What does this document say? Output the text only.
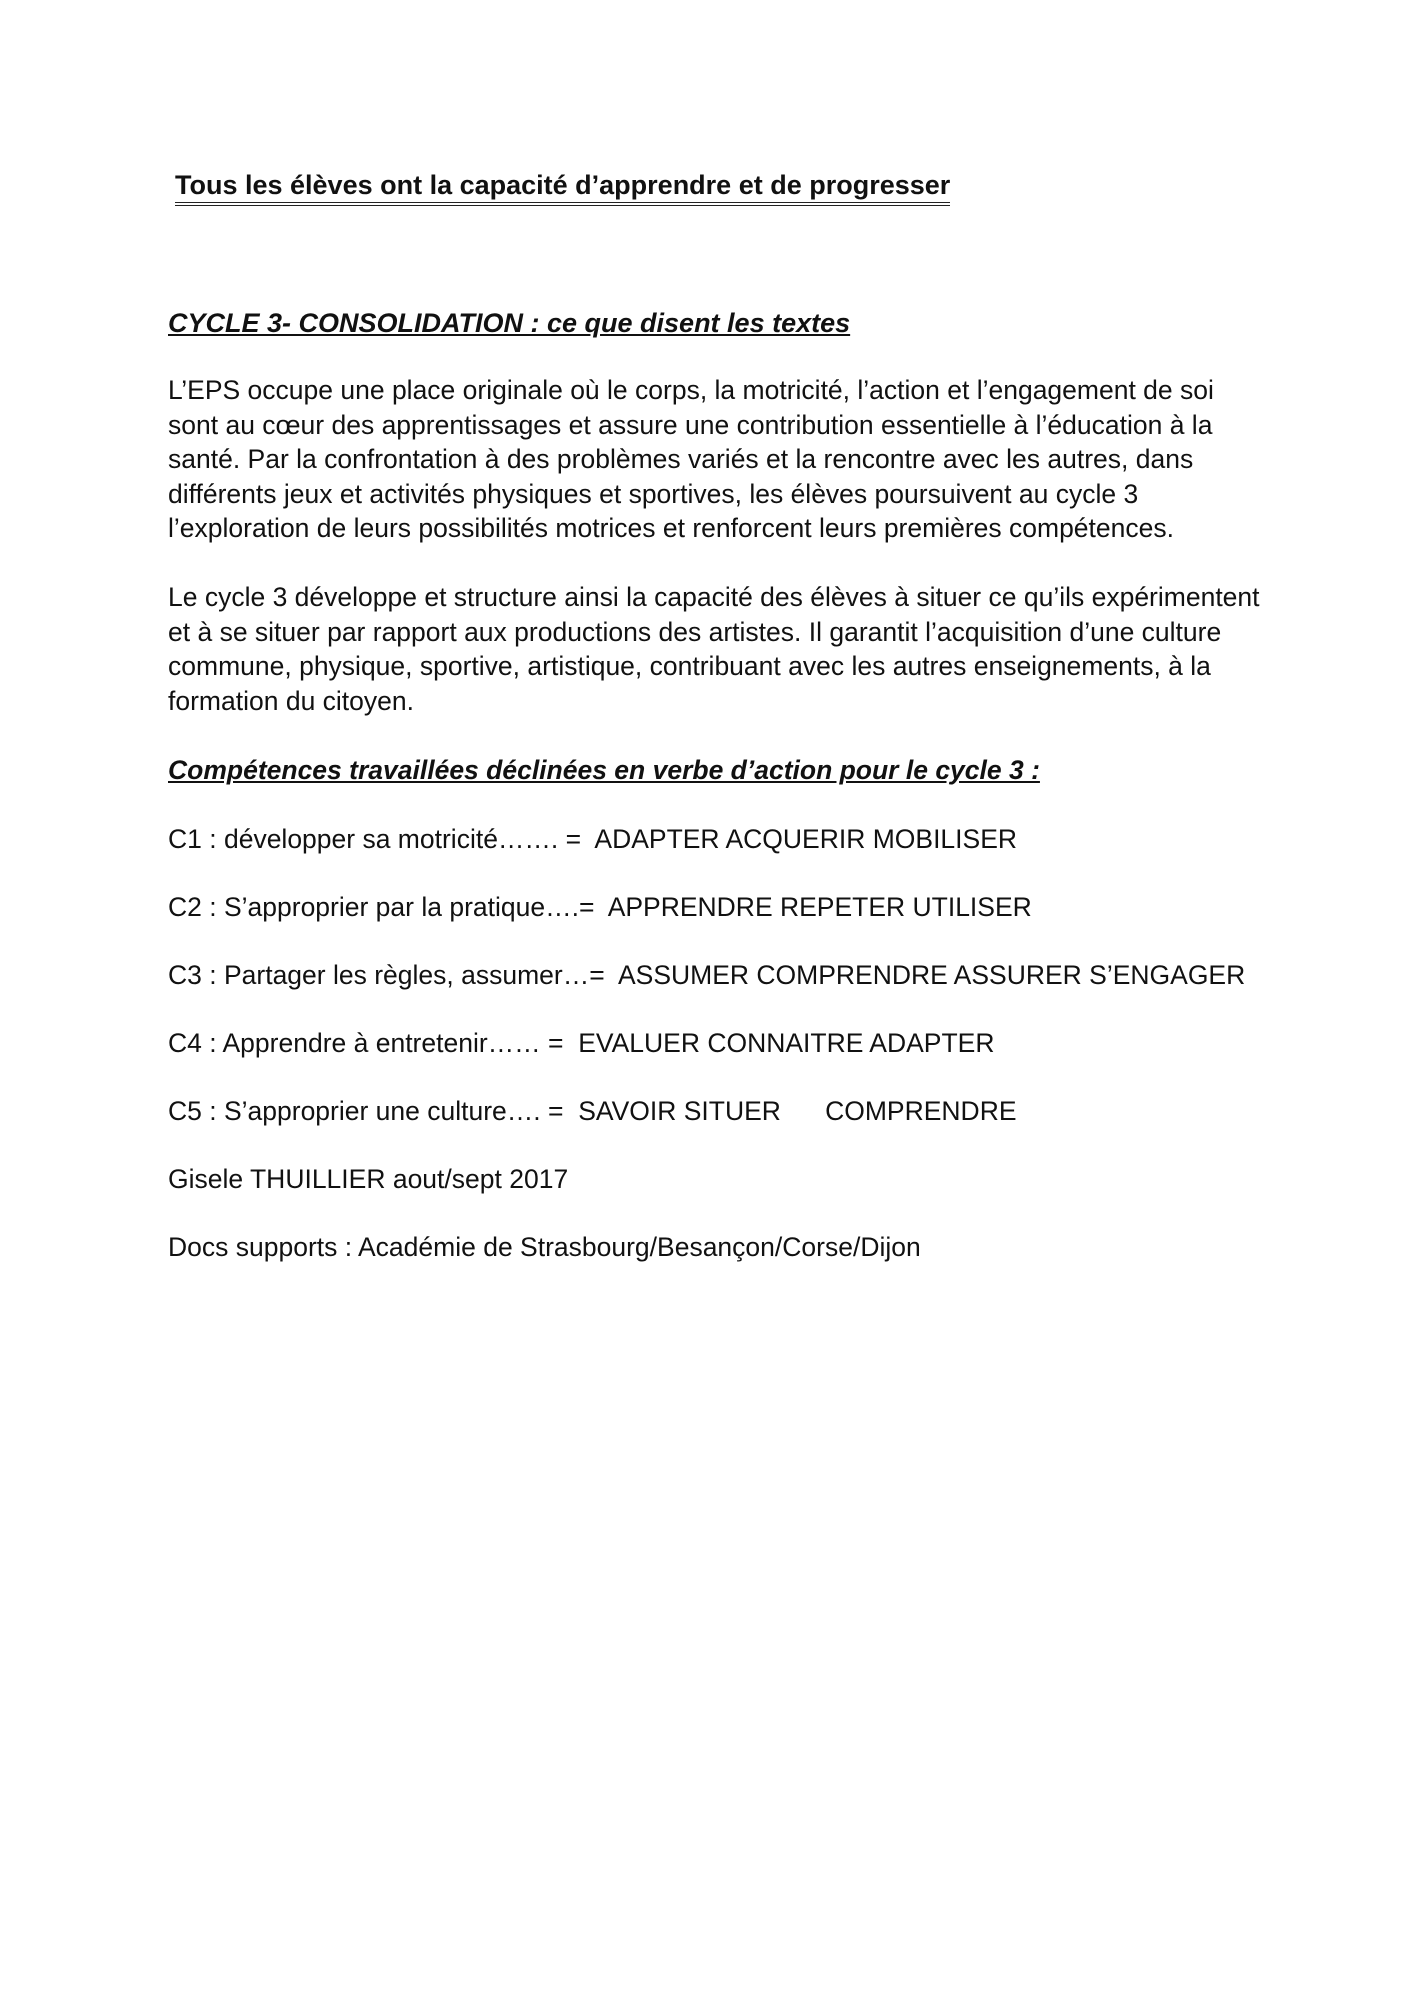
Tous les élèves ont la capacité d’apprendre et de progresser
CYCLE 3- CONSOLIDATION : ce que disent les textes
L’EPS occupe une place originale où le corps, la motricité, l’action et l’engagement de soi
sont au cœur des apprentissages et assure une contribution essentielle à l’éducation à la
santé. Par la confrontation à des problèmes variés et la rencontre avec les autres, dans
différents jeux et activités physiques et sportives, les élèves poursuivent au cycle 3
l’exploration de leurs possibilités motrices et renforcent leurs premières compétences.
Le cycle 3 développe et structure ainsi la capacité des élèves à situer ce qu’ils expérimentent
et à se situer par rapport aux productions des artistes. Il garantit l’acquisition d’une culture
commune, physique, sportive, artistique, contribuant avec les autres enseignements, à la
formation du citoyen.
Compétences travaillées déclinées en verbe d’action pour le cycle 3 :
C1 : développer sa motricité……. =  ADAPTER ACQUERIR MOBILISER
C2 : S’approprier par la pratique….=  APPRENDRE REPETER UTILISER
C3 : Partager les règles, assumer…=  ASSUMER COMPRENDRE ASSURER S’ENGAGER
C4 : Apprendre à entretenir…… =  EVALUER CONNAITRE ADAPTER
C5 : S’approprier une culture…. =  SAVOIR SITUER      COMPRENDRE
Gisele THUILLIER aout/sept 2017
Docs supports : Académie de Strasbourg/Besançon/Corse/Dijon
